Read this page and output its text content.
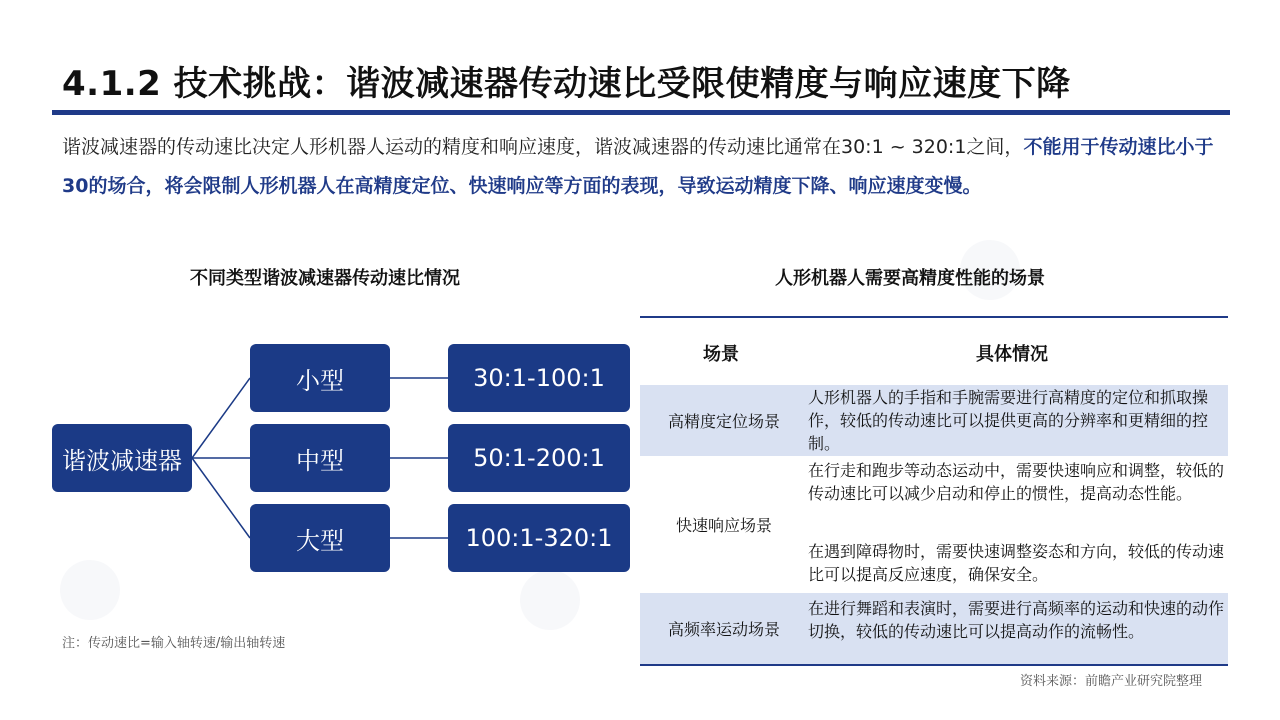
4.1.2 技术挑战：谐波减速器传动速比受限使精度与响应速度下降

谐波减速器的传动速比决定人形机器人运动的精度和响应速度，谐波减速器的传动速比通常在30:1 ~ 320:1之间，不能用于传动速比小于30的场合，将会限制人形机器人在高精度定位、快速响应等方面的表现，导致运动精度下降、响应速度变慢。

不同类型谐波减速器传动速比情况
谐波减速器
小型
中型
大型
30:1-100:1
50:1-200:1
100:1-320:1
注：传动速比=输入轴转速/输出轴转速
人形机器人需要高精度性能的场景
场景	具体情况
高精度定位场景
人形机器人的手指和手腕需要进行高精度的定位和抓取操作，较低的传动速比可以提供更高的分辨率和更精细的控制。
快速响应场景
在行走和跑步等动态运动中，需要快速响应和调整，较低的传动速比可以减少启动和停止的惯性，提高动态性能。
在遇到障碍物时，需要快速调整姿态和方向，较低的传动速比可以提高反应速度，确保安全。
高频率运动场景
在进行舞蹈和表演时，需要进行高频率的运动和快速的动作切换，较低的传动速比可以提高动作的流畅性。
资料来源：前瞻产业研究院整理
